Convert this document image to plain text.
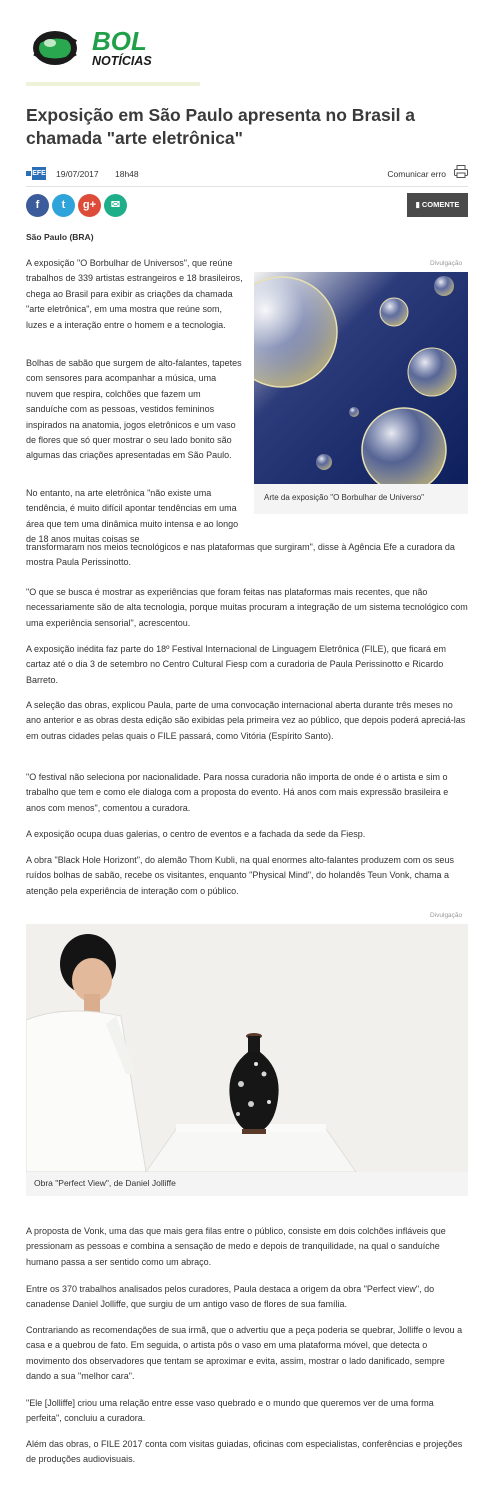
BOL
NOTÍCIAS
Exposição em São Paulo apresenta no Brasil a chamada "arte eletrônica"
EFE 19/07/2017 18h48	Comunicar erro
f	t	g+	✉	▮ COMENTE
São Paulo (BRA)

A exposição "O Borbulhar de Universos", que reúne trabalhos de 339 artistas estrangeiros e 18 brasileiros, chega ao Brasil para exibir as criações da chamada "arte eletrônica", em uma mostra que reúne som, luzes e a interação entre o homem e a tecnologia.

Bolhas de sabão que surgem de alto-falantes, tapetes com sensores para acompanhar a música, uma nuvem que respira, colchões que fazem um sanduíche com as pessoas, vestidos femininos inspirados na anatomia, jogos eletrônicos e um vaso de flores que só quer mostrar o seu lado bonito são algumas das criações apresentadas em São Paulo.

No entanto, na arte eletrônica "não existe uma tendência, é muito difícil apontar tendências em uma área que tem uma dinâmica muito intensa e ao longo de 18 anos muitas coisas se

transformaram nos meios tecnológicos e nas plataformas que surgiram", disse à Agência Efe a curadora da mostra Paula Perissinotto.

Divulgação
Arte da exposição "O Borbulhar de Universo"

"O que se busca é mostrar as experiências que foram feitas nas plataformas mais recentes, que não necessariamente são de alta tecnologia, porque muitas procuram a integração de um sistema tecnológico com uma experiência sensorial", acrescentou.

A exposição inédita faz parte do 18º Festival Internacional de Linguagem Eletrônica (FILE), que ficará em cartaz até o dia 3 de setembro no Centro Cultural Fiesp com a curadoria de Paula Perissinotto e Ricardo Barreto.

A seleção das obras, explicou Paula, parte de uma convocação internacional aberta durante três meses no ano anterior e as obras desta edição são exibidas pela primeira vez ao público, que depois poderá apreciá-las em outras cidades pelas quais o FILE passará, como Vitória (Espírito Santo).

"O festival não seleciona por nacionalidade. Para nossa curadoria não importa de onde é o artista e sim o trabalho que tem e como ele dialoga com a proposta do evento. Há anos com mais expressão brasileira e anos com menos", comentou a curadora.

A exposição ocupa duas galerias, o centro de eventos e a fachada da sede da Fiesp.

A obra "Black Hole Horizont", do alemão Thom Kubli, na qual enormes alto-falantes produzem com os seus ruídos bolhas de sabão, recebe os visitantes, enquanto "Physical Mind", do holandês Teun Vonk, chama a atenção pela experiência de interação com o público.

Divulgação
Obra "Perfect View", de Daniel Jolliffe

A proposta de Vonk, uma das que mais gera filas entre o público, consiste em dois colchões infláveis que pressionam as pessoas e combina a sensação de medo e depois de tranquilidade, na qual o sanduíche humano passa a ser sentido como um abraço.

Entre os 370 trabalhos analisados pelos curadores, Paula destaca a origem da obra "Perfect view", do canadense Daniel Jolliffe, que surgiu de um antigo vaso de flores de sua família.

Contrariando as recomendações de sua irmã, que o advertiu que a peça poderia se quebrar, Jolliffe o levou a casa e a quebrou de fato. Em seguida, o artista pôs o vaso em uma plataforma móvel, que detecta o movimento dos observadores que tentam se aproximar e evita, assim, mostrar o lado danificado, sempre dando a sua "melhor cara".

"Ele [Jolliffe] criou uma relação entre esse vaso quebrado e o mundo que queremos ver de uma forma perfeita", concluiu a curadora.

Além das obras, o FILE 2017 conta com visitas guiadas, oficinas com especialistas, conferências e projeções de produções audiovisuais.
